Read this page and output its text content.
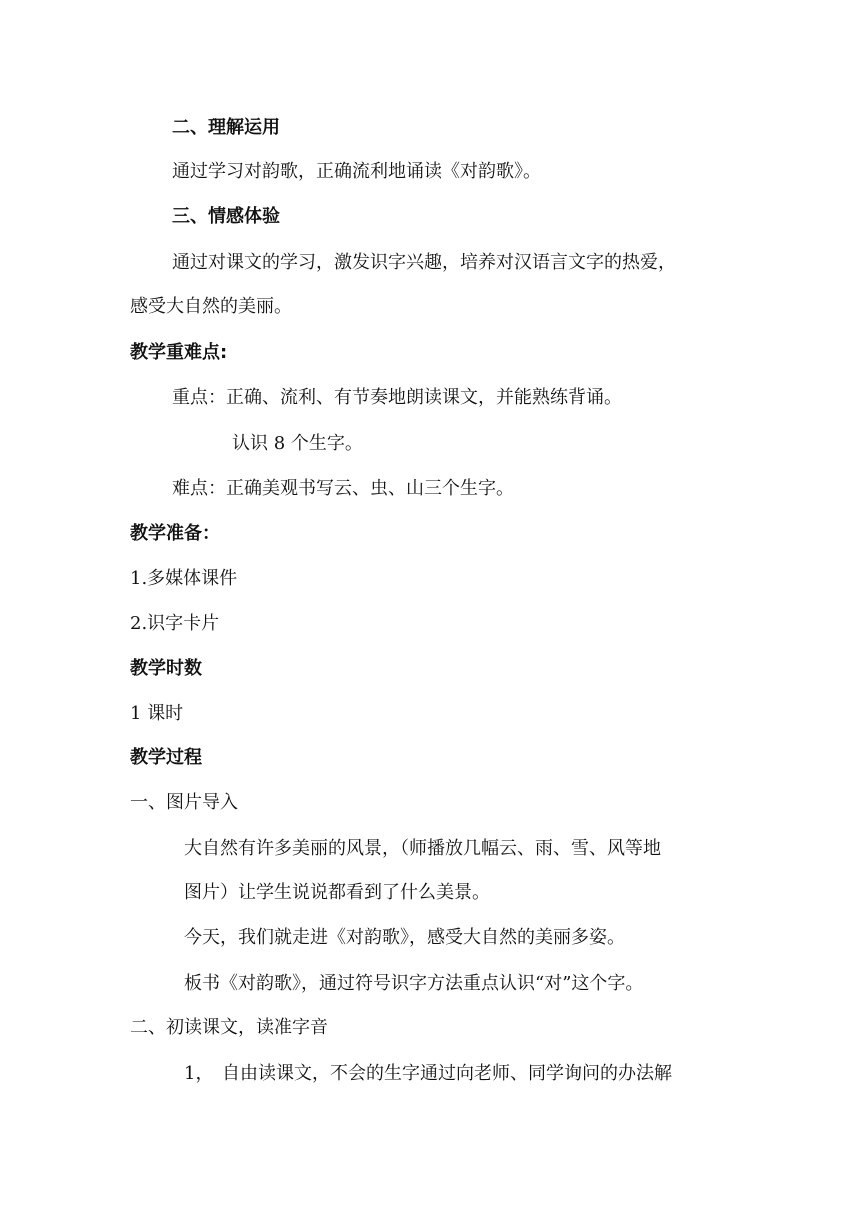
二、理解运用
通过学习对韵歌，正确流利地诵读《对韵歌》。
三、情感体验
通过对课文的学习，激发识字兴趣，培养对汉语言文字的热爱，
感受大自然的美丽。
教学重难点:
重点：正确、流利、有节奏地朗读课文，并能熟练背诵。
认识 8 个生字。
难点：正确美观书写云、虫、山三个生字。
教学准备：
1.多媒体课件
2.识字卡片
教学时数
1 课时
教学过程
一、图片导入
大自然有许多美丽的风景，（师播放几幅云、雨、雪、风等地
图片）让学生说说都看到了什么美景。
今天，我们就走进《对韵歌》，感受大自然的美丽多姿。
板书《对韵歌》，通过符号识字方法重点认识“对”这个字。
二、初读课文，读准字音
1， 自由读课文，不会的生字通过向老师、同学询问的办法解
